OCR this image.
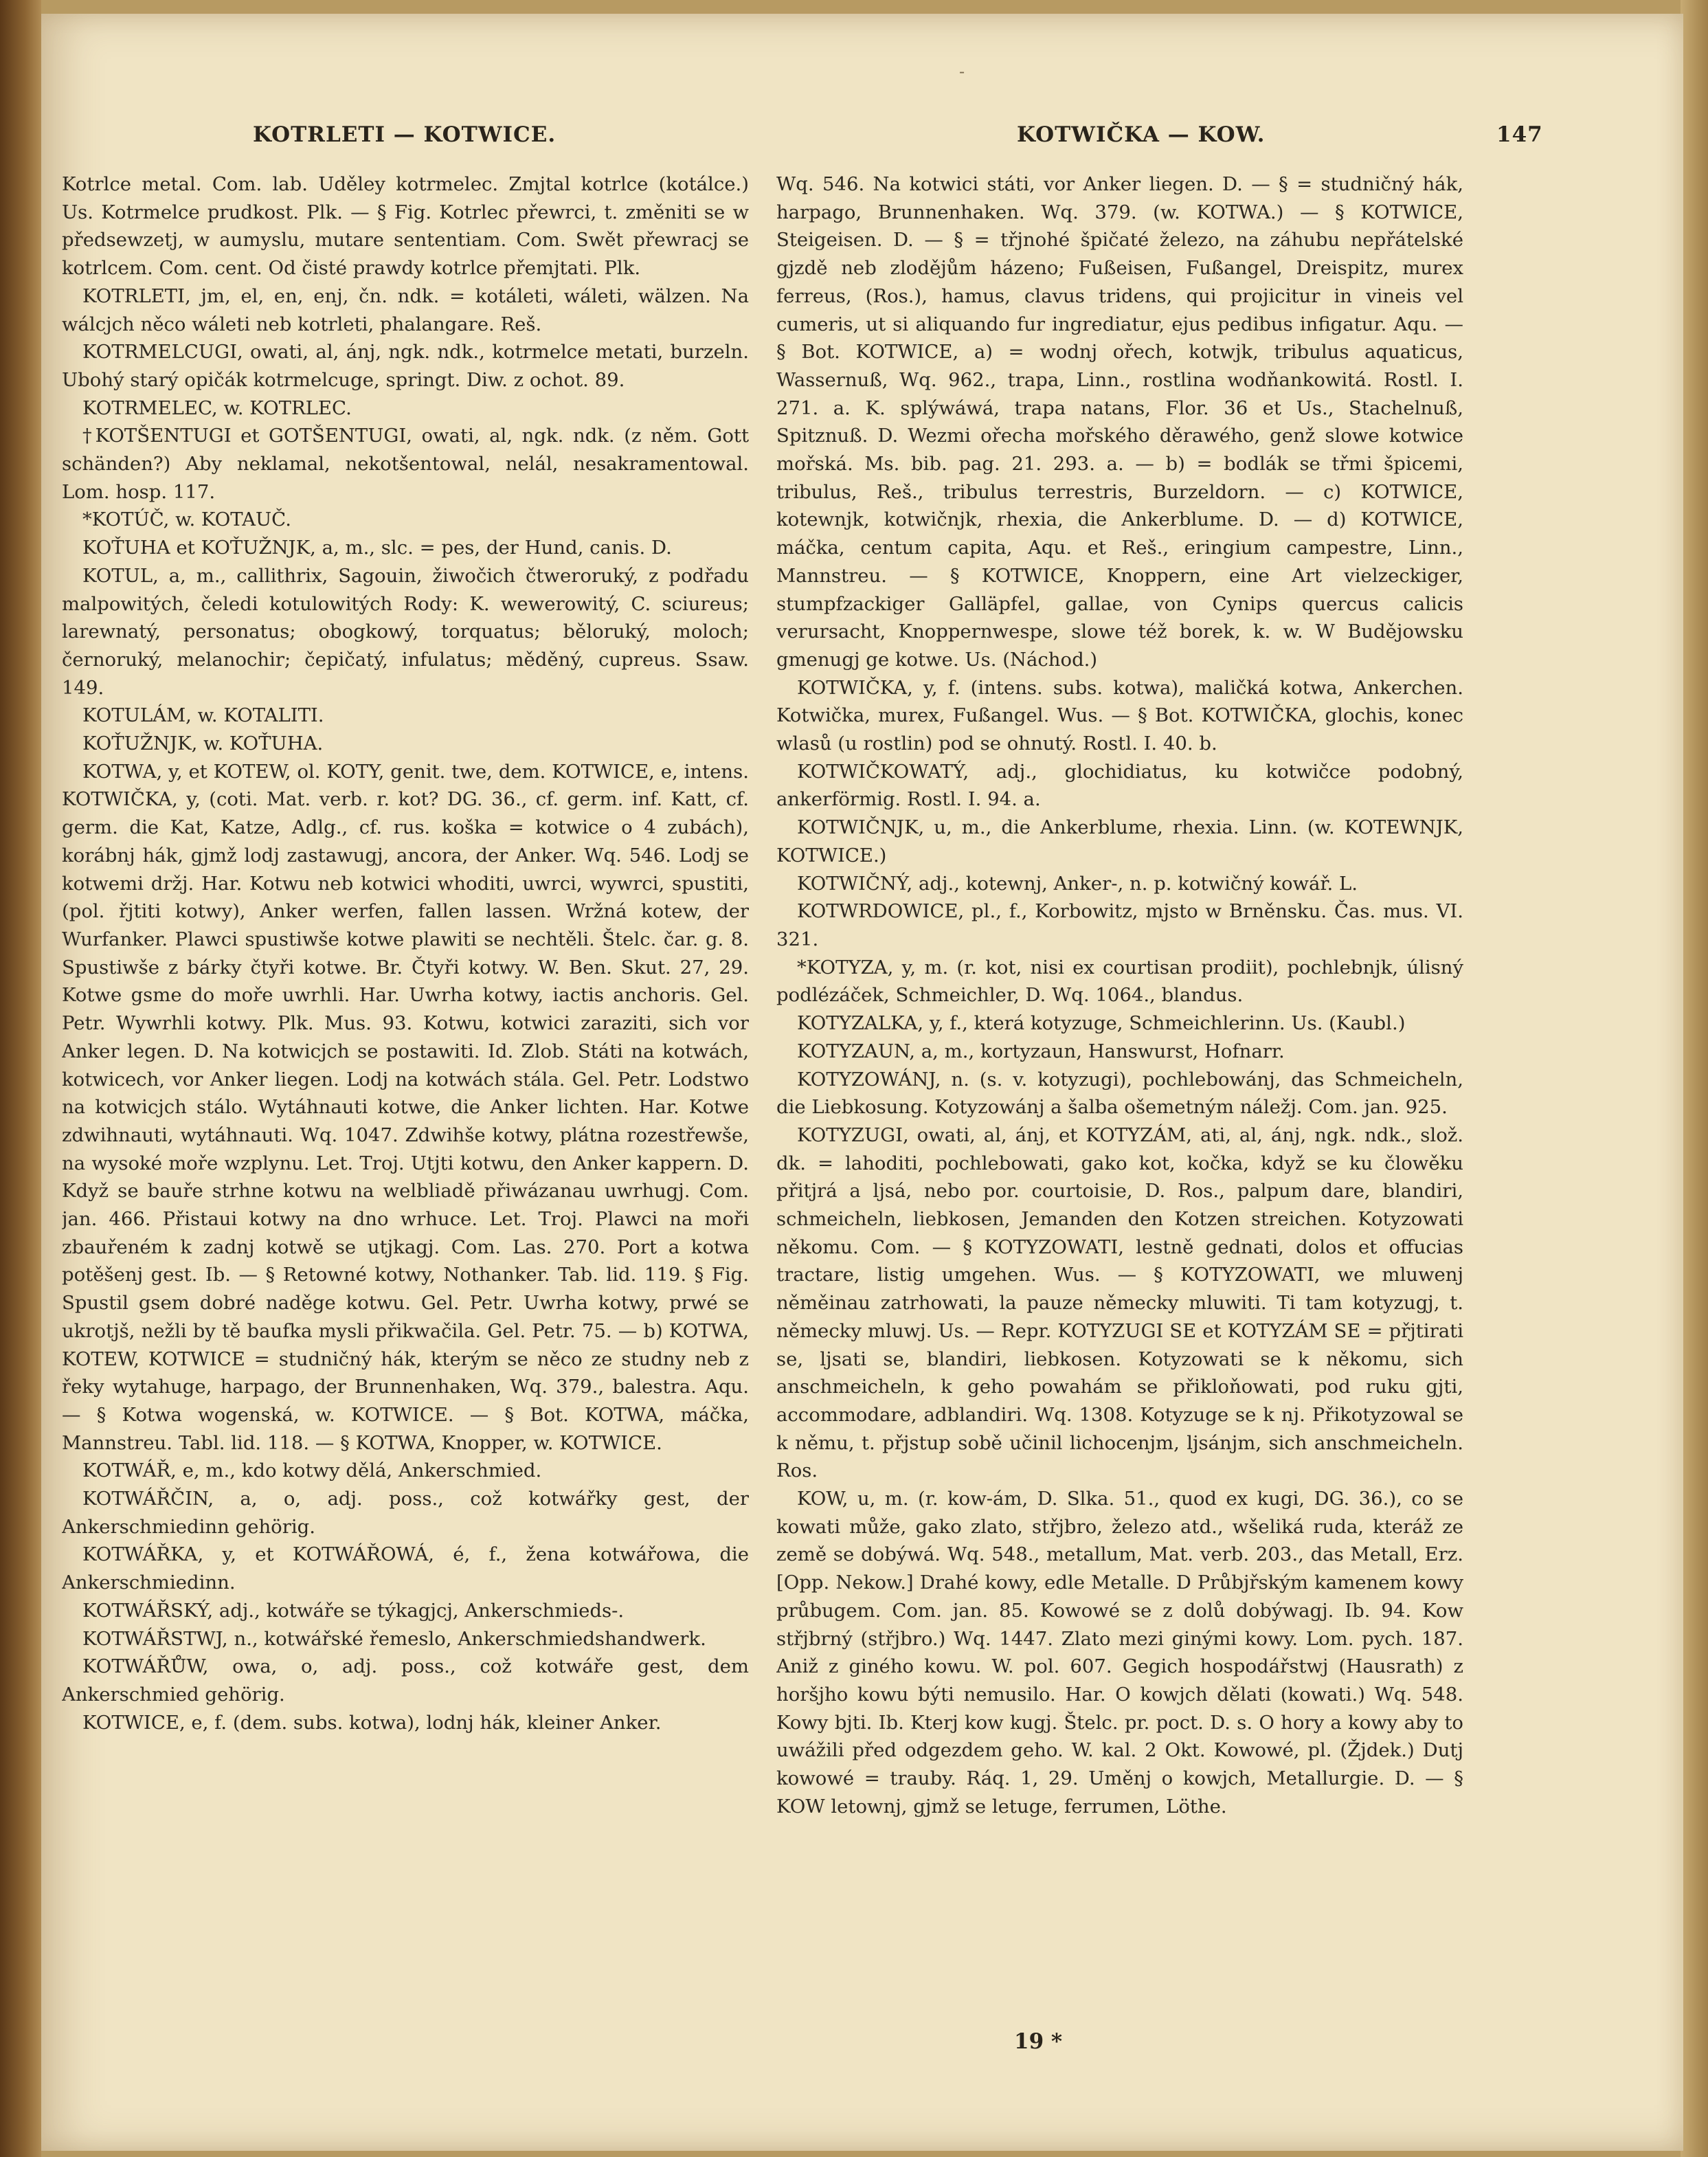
-
KOTRLETI — KOTWICE.	KOTWIČKA — KOW.	147

Kotrlce metal. Com. lab. Uděley kotrmelec. Zmjtal kotrlce (kotálce.) Us. Kotrmelce prudkost. Plk. — § Fig. Kotrlec přewrci, t. změniti se w předsewzetj, w aumyslu, mutare sententiam. Com. Swět přewracj se kotrlcem. Com. cent. Od čisté prawdy kotrlce přemjtati. Plk.

KOTRLETI, jm, el, en, enj, čn. ndk. = kotáleti, wáleti, wälzen. Na wálcjch něco wáleti neb kotrleti, phalangare. Reš.

KOTRMELCUGI, owati, al, ánj, ngk. ndk., kotrmelce metati, burzeln. Ubohý starý opičák kotrmelcuge, springt. Diw. z ochot. 89.

KOTRMELEC, w. KOTRLEC.

†KOTŠENTUGI et GOTŠENTUGI, owati, al, ngk. ndk. (z něm. Gott schänden?) Aby neklamal, nekotšentowal, nelál, nesakramentowal. Lom. hosp. 117.

*KOTÚČ, w. KOTAUČ.

KOŤUHA et KOŤUŽNJK, a, m., slc. = pes, der Hund, canis. D.

KOTUL, a, m., callithrix, Sagouin, žiwočich čtweroruký, z podřadu malpowitých, čeledi kotulowitých Rody: K. wewerowitý, C. sciureus; larewnatý, personatus; obogkowý, torquatus; běloruký, moloch; černoruký, melanochir; čepičatý, infulatus; měděný, cupreus. Ssaw. 149.

KOTULÁM, w. KOTALITI.

KOŤUŽNJK, w. KOŤUHA.

KOTWA, y, et KOTEW, ol. KOTY, genit. twe, dem. KOTWICE, e, intens. KOTWIČKA, y, (coti. Mat. verb. r. kot? DG. 36., cf. germ. inf. Katt, cf. germ. die Kat, Katze, Adlg., cf. rus. koška = kotwice o 4 zubách), korábnj hák, gjmž lodj zastawugj, ancora, der Anker. Wq. 546. Lodj se kotwemi držj. Har. Kotwu neb kotwici whoditi, uwrci, wywrci, spustiti, (pol. řjtiti kotwy), Anker werfen, fallen lassen. Wržná kotew, der Wurfanker. Plawci spustiwše kotwe plawiti se nechtěli. Štelc. čar. g. 8. Spustiwše z bárky čtyři kotwe. Br. Čtyři kotwy. W. Ben. Skut. 27, 29. Kotwe gsme do moře uwrhli. Har. Uwrha kotwy, iactis anchoris. Gel. Petr. Wywrhli kotwy. Plk. Mus. 93. Kotwu, kotwici zaraziti, sich vor Anker legen. D. Na kotwicjch se postawiti. Id. Zlob. Státi na kotwách, kotwicech, vor Anker liegen. Lodj na kotwách stála. Gel. Petr. Lodstwo na kotwicjch stálo. Wytáhnauti kotwe, die Anker lichten. Har. Kotwe zdwihnauti, wytáhnauti. Wq. 1047. Zdwihše kotwy, plátna rozestřewše, na wysoké moře wzplynu. Let. Troj. Utjti kotwu, den Anker kappern. D. Když se bauře strhne kotwu na welbliadě přiwázanau uwrhugj. Com. jan. 466. Přistaui kotwy na dno wrhuce. Let. Troj. Plawci na moři zbauřeném k zadnj kotwě se utjkagj. Com. Las. 270. Port a kotwa potěšenj gest. Ib. — § Retowné kotwy, Nothanker. Tab. lid. 119. § Fig. Spustil gsem dobré naděge kotwu. Gel. Petr. Uwrha kotwy, prwé se ukrotjš, nežli by tě baufka mysli přikwačila. Gel. Petr. 75. — b) KOTWA, KOTEW, KOTWICE = studničný hák, kterým se něco ze studny neb z řeky wytahuge, harpago, der Brunnenhaken, Wq. 379., balestra. Aqu. — § Kotwa wogenská, w. KOTWICE. — § Bot. KOTWA, máčka, Mannstreu. Tabl. lid. 118. — § KOTWA, Knopper, w. KOTWICE.

KOTWÁŘ, e, m., kdo kotwy dělá, Ankerschmied.

KOTWÁŘČIN, a, o, adj. poss., což kotwářky gest, der Ankerschmiedinn gehörig.

KOTWÁŘKA, y, et KOTWÁŘOWÁ, é, f., žena kotwářowa, die Ankerschmiedinn.

KOTWÁŘSKÝ, adj., kotwáře se týkagjcj, Ankerschmieds-.

KOTWÁŘSTWJ, n., kotwářské řemeslo, Ankerschmiedshandwerk.

KOTWÁŘŮW, owa, o, adj. poss., což kotwáře gest, dem Ankerschmied gehörig.

KOTWICE, e, f. (dem. subs. kotwa), lodnj hák, kleiner Anker.

Wq. 546. Na kotwici státi, vor Anker liegen. D. — § = studničný hák, harpago, Brunnenhaken. Wq. 379. (w. KOTWA.) — § KOTWICE, Steigeisen. D. — § = třjnohé špičaté železo, na záhubu nepřátelské gjzdě neb zlodějům házeno; Fußeisen, Fußangel, Dreispitz, murex ferreus, (Ros.), hamus, clavus tridens, qui projicitur in vineis vel cumeris, ut si aliquando fur ingrediatur, ejus pedibus infigatur. Aqu. — § Bot. KOTWICE, a) = wodnj ořech, kotwjk, tribulus aquaticus, Wassernuß, Wq. 962., trapa, Linn., rostlina wodňankowitá. Rostl. I. 271. a. K. splýwáwá, trapa natans, Flor. 36 et Us., Stachelnuß, Spitznuß. D. Wezmi ořecha mořského děrawého, genž slowe kotwice mořská. Ms. bib. pag. 21. 293. a. — b) = bodlák se třmi špicemi, tribulus, Reš., tribulus terrestris, Burzeldorn. — c) KOTWICE, kotewnjk, kotwičnjk, rhexia, die Ankerblume. D. — d) KOTWICE, máčka, centum capita, Aqu. et Reš., eringium campestre, Linn., Mannstreu. — § KOTWICE, Knoppern, eine Art vielzeckiger, stumpfzackiger Galläpfel, gallae, von Cynips quercus calicis verursacht, Knoppernwespe, slowe též borek, k. w. W Budějowsku gmenugj ge kotwe. Us. (Náchod.)

KOTWIČKA, y, f. (intens. subs. kotwa), maličká kotwa, Ankerchen. Kotwička, murex, Fußangel. Wus. — § Bot. KOTWIČKA, glochis, konec wlasů (u rostlin) pod se ohnutý. Rostl. I. 40. b.

KOTWIČKOWATÝ, adj., glochidiatus, ku kotwičce podobný, ankerförmig. Rostl. I. 94. a.

KOTWIČNJK, u, m., die Ankerblume, rhexia. Linn. (w. KOTEWNJK, KOTWICE.)

KOTWIČNÝ, adj., kotewnj, Anker-, n. p. kotwičný kowář. L.

KOTWRDOWICE, pl., f., Korbowitz, mjsto w Brněnsku. Čas. mus. VI. 321.

*KOTYZA, y, m. (r. kot, nisi ex courtisan prodiit), pochlebnjk, úlisný podlézáček, Schmeichler, D. Wq. 1064., blandus.

KOTYZALKA, y, f., která kotyzuge, Schmeichlerinn. Us. (Kaubl.)

KOTYZAUN, a, m., kortyzaun, Hanswurst, Hofnarr.

KOTYZOWÁNJ, n. (s. v. kotyzugi), pochlebowánj, das Schmeicheln, die Liebkosung. Kotyzowánj a šalba ošemetným náležj. Com. jan. 925.

KOTYZUGI, owati, al, ánj, et KOTYZÁM, ati, al, ánj, ngk. ndk., slož. dk. = lahoditi, pochlebowati, gako kot, kočka, když se ku člowěku přitjrá a ljsá, nebo por. courtoisie, D. Ros., palpum dare, blandiri, schmeicheln, liebkosen, Jemanden den Kotzen streichen. Kotyzowati někomu. Com. — § KOTYZOWATI, lestně gednati, dolos et offucias tractare, listig umgehen. Wus. — § KOTYZOWATI, we mluwenj něměinau zatrhowati, la pauze německy mluwiti. Ti tam kotyzugj, t. německy mluwj. Us. — Repr. KOTYZUGI SE et KOTYZÁM SE = přjtirati se, ljsati se, blandiri, liebkosen. Kotyzowati se k někomu, sich anschmeicheln, k geho powahám se přikloňowati, pod ruku gjti, accommodare, adblandiri. Wq. 1308. Kotyzuge se k nj. Přikotyzowal se k němu, t. přjstup sobě učinil lichocenjm, ljsánjm, sich anschmeicheln. Ros.

KOW, u, m. (r. kow-ám, D. Slka. 51., quod ex kugi, DG. 36.), co se kowati může, gako zlato, střjbro, železo atd., wšeliká ruda, kteráž ze země se dobýwá. Wq. 548., metallum, Mat. verb. 203., das Metall, Erz. [Opp. Nekow.] Drahé kowy, edle Metalle. D Průbjřským kamenem kowy průbugem. Com. jan. 85. Kowowé se z dolů dobýwagj. Ib. 94. Kow střjbrný (střjbro.) Wq. 1447. Zlato mezi ginými kowy. Lom. pych. 187. Aniž z giného kowu. W. pol. 607. Gegich hospodářstwj (Hausrath) z horšjho kowu býti nemusilo. Har. O kowjch dělati (kowati.) Wq. 548. Kowy bjti. Ib. Kterj kow kugj. Štelc. pr. poct. D. s. O hory a kowy aby to uwážili před odgezdem geho. W. kal. 2 Okt. Kowowé, pl. (Žjdek.) Dutj kowowé = trauby. Ráq. 1, 29. Uměnj o kowjch, Metallurgie. D. — § KOW letownj, gjmž se letuge, ferrumen, Löthe.

19 *
